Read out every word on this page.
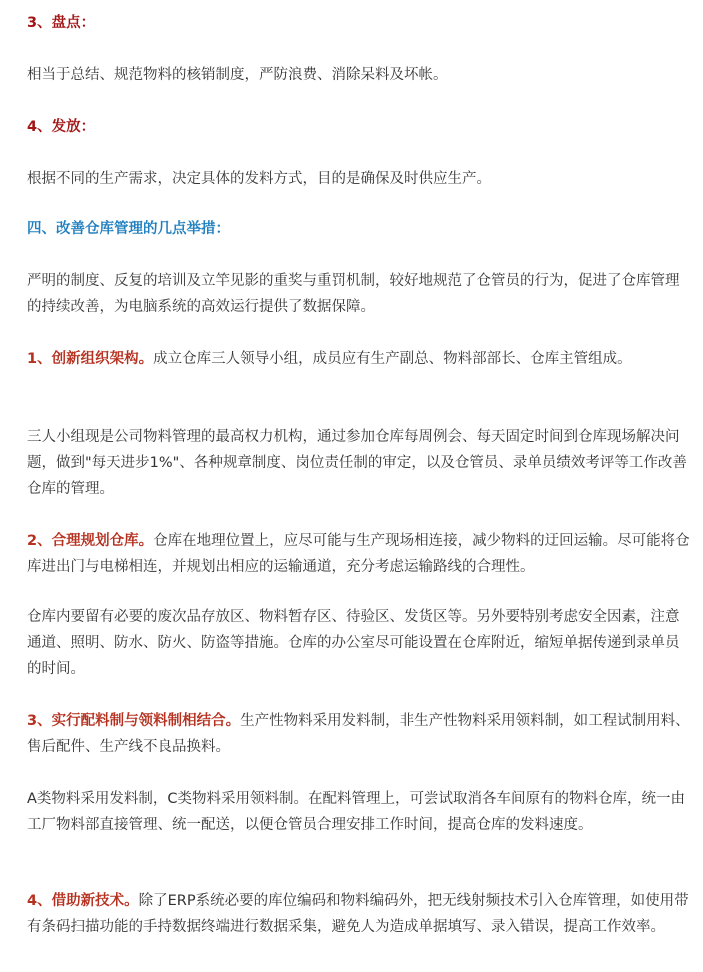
3、盘点：

相当于总结、规范物料的核销制度，严防浪费、消除呆料及坏帐。

4、发放：

根据不同的生产需求，决定具体的发料方式，目的是确保及时供应生产。

四、改善仓库管理的几点举措：

严明的制度、反复的培训及立竿见影的重奖与重罚机制，较好地规范了仓管员的行为，促进了仓库管理的持续改善，为电脑系统的高效运行提供了数据保障。

1、创新组织架构。成立仓库三人领导小组，成员应有生产副总、物料部部长、仓库主管组成。

三人小组现是公司物料管理的最高权力机构，通过参加仓库每周例会、每天固定时间到仓库现场解决问题，做到"每天进步1%"、各种规章制度、岗位责任制的审定，以及仓管员、录单员绩效考评等工作改善仓库的管理。

2、合理规划仓库。仓库在地理位置上，应尽可能与生产现场相连接，减少物料的迂回运输。尽可能将仓库进出门与电梯相连，并规划出相应的运输通道，充分考虑运输路线的合理性。

仓库内要留有必要的废次品存放区、物料暂存区、待验区、发货区等。另外要特别考虑安全因素，注意通道、照明、防水、防火、防盗等措施。仓库的办公室尽可能设置在仓库附近，缩短单据传递到录单员的时间。

3、实行配料制与领料制相结合。生产性物料采用发料制，非生产性物料采用领料制，如工程试制用料、售后配件、生产线不良品换料。

A类物料采用发料制，C类物料采用领料制。在配料管理上，可尝试取消各车间原有的物料仓库，统一由工厂物料部直接管理、统一配送，以便仓管员合理安排工作时间，提高仓库的发料速度。

4、借助新技术。除了ERP系统必要的库位编码和物料编码外，把无线射频技术引入仓库管理，如使用带有条码扫描功能的手持数据终端进行数据采集，避免人为造成单据填写、录入错误，提高工作效率。
